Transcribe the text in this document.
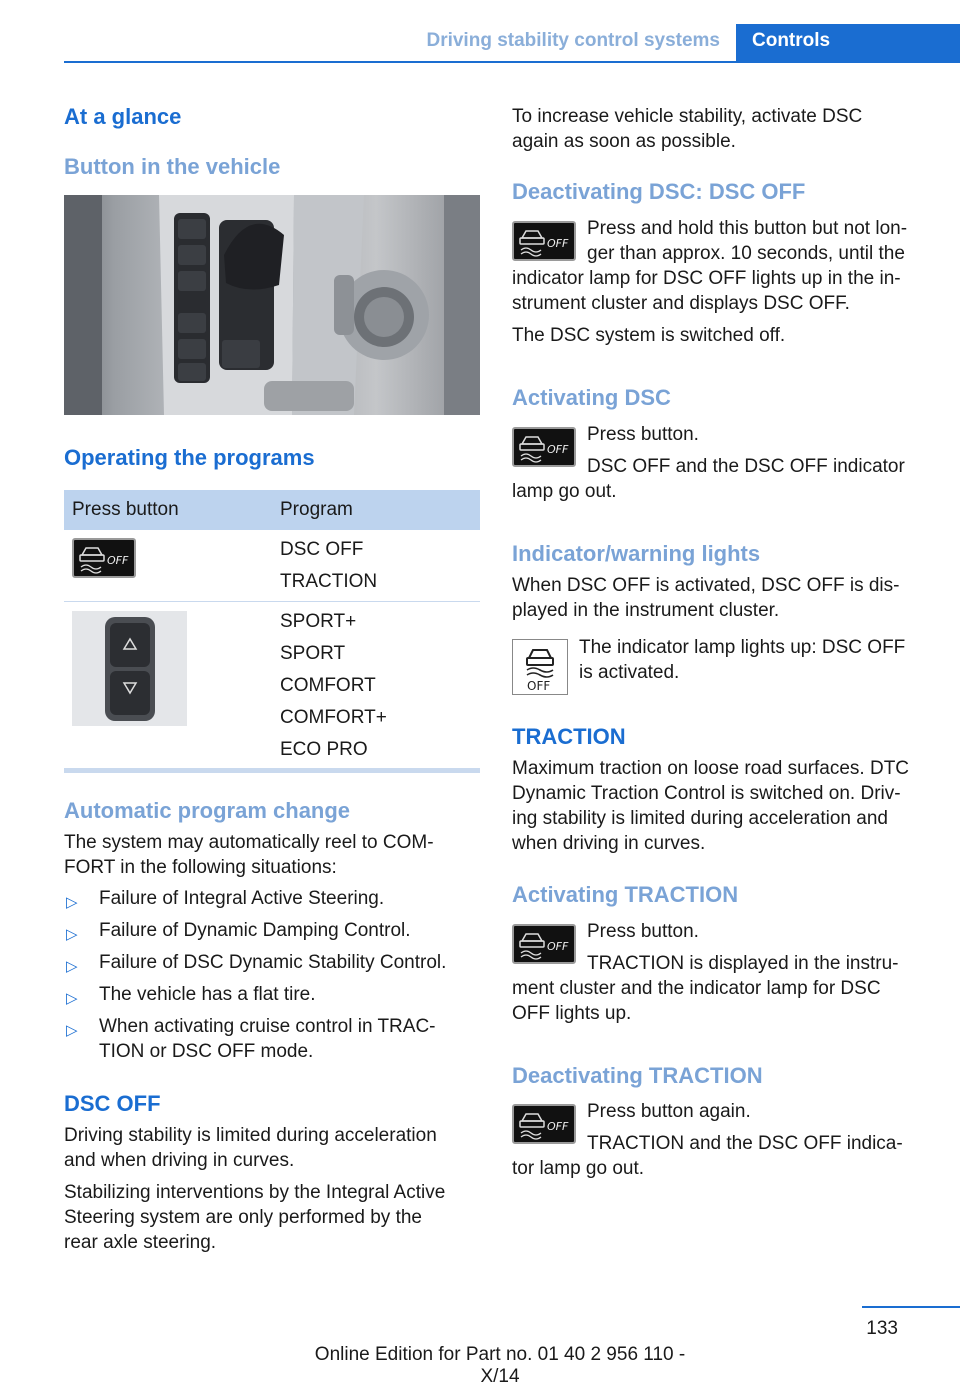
Driving stability control systems	Controls
At a glance
Button in the vehicle
Operating the programs
Press button	Program
OFF
DSC OFF
TRACTION
SPORT+
SPORT
COMFORT
COMFORT+
ECO PRO
Automatic program change
The system may automatically reel to COM-
FORT in the following situations:
▷ Failure of Integral Active Steering.
▷ Failure of Dynamic Damping Control.
▷ Failure of DSC Dynamic Stability Control.
▷ The vehicle has a flat tire.
▷ When activating cruise control in TRAC-
TION or DSC OFF mode.
DSC OFF
Driving stability is limited during acceleration
and when driving in curves.
Stabilizing interventions by the Integral Active
Steering system are only performed by the
rear axle steering.
To increase vehicle stability, activate DSC
again as soon as possible.
Deactivating DSC: DSC OFF
OFF
Press and hold this button but not lon-
ger than approx. 10 seconds, until the
indicator lamp for DSC OFF lights up in the in-
strument cluster and displays DSC OFF.
The DSC system is switched off.
Activating DSC
OFF
Press button.
DSC OFF and the DSC OFF indicator
lamp go out.
Indicator/warning lights
When DSC OFF is activated, DSC OFF is dis-
played in the instrument cluster.
OFF
The indicator lamp lights up: DSC OFF
is activated.
TRACTION
Maximum traction on loose road surfaces. DTC
Dynamic Traction Control is switched on. Driv-
ing stability is limited during acceleration and
when driving in curves.
Activating TRACTION
OFF
Press button.
TRACTION is displayed in the instru-
ment cluster and the indicator lamp for DSC
OFF lights up.
Deactivating TRACTION
OFF
Press button again.
TRACTION and the DSC OFF indica-
tor lamp go out.
133
Online Edition for Part no. 01 40 2 956 110 - X/14
